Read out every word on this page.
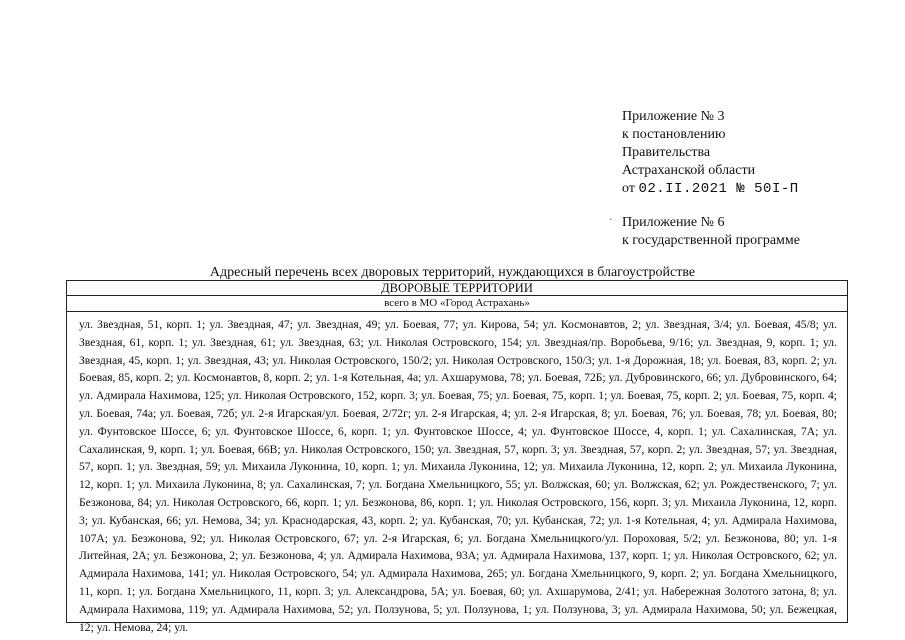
Приложение № 3
к постановлению
Правительства
Астраханской области
от 02.II.2021 № 50I-П
· Приложение № 6
к государственной программе
Адресный перечень всех дворовых территорий, нуждающихся в благоустройстве
ДВОРОВЫЕ ТЕРРИТОРИИ
всего в МО «Город Астрахань»
ул. Звездная, 51, корп. 1; ул. Звездная, 47; ул. Звездная, 49; ул. Боевая, 77; ул. Кирова, 54; ул. Космонавтов, 2; ул. Звездная, 3/4; ул. Боевая, 45/8; ул. Звездная, 61, корп. 1; ул. Звездная, 61; ул. Звездная, 63; ул. Николая Островского, 154; ул. Звездная/пр. Воробьева, 9/16; ул. Звездная, 9, корп. 1; ул. Звездная, 45, корп. 1; ул. Звездная, 43; ул. Николая Островского, 150/2; ул. Николая Островского, 150/3; ул. 1-я Дорожная, 18; ул. Боевая, 83, корп. 2; ул. Боевая, 85, корп. 2; ул. Космонавтов, 8, корп. 2; ул. 1-я Котельная, 4а; ул. Ахшарумова, 78; ул. Боевая, 72Б; ул. Дубровинского, 66; ул. Дубровинского, 64; ул. Адмирала Нахимова, 125; ул. Николая Островского, 152, корп. 3; ул. Боевая, 75; ул. Боевая, 75, корп. 1; ул. Боевая, 75, корп. 2; ул. Боевая, 75, корп. 4; ул. Боевая, 74а; ул. Боевая, 72б; ул. 2-я Игарская/ул. Боевая, 2/72г; ул. 2-я Игарская, 4; ул. 2-я Игарская, 8; ул. Боевая, 76; ул. Боевая, 78; ул. Боевая, 80; ул. Фунтовское Шоссе, 6; ул. Фунтовское Шоссе, 6, корп. 1; ул. Фунтовское Шоссе, 4; ул. Фунтовское Шоссе, 4, корп. 1; ул. Сахалинская, 7А; ул. Сахалинская, 9, корп. 1; ул. Боевая, 66В; ул. Николая Островского, 150; ул. Звездная, 57, корп. 3; ул. Звездная, 57, корп. 2; ул. Звездная, 57; ул. Звездная, 57, корп. 1; ул. Звездная, 59; ул. Михаила Луконина, 10, корп. 1; ул. Михаила Луконина, 12; ул. Михаила Луконина, 12, корп. 2; ул. Михаила Луконина, 12, корп. 1; ул. Михаила Луконина, 8; ул. Сахалинская, 7; ул. Богдана Хмельницкого, 55; ул. Волжская, 60; ул. Волжская, 62; ул. Рождественского, 7; ул. Безжонова, 84; ул. Николая Островского, 66, корп. 1; ул. Безжонова, 86, корп. 1; ул. Николая Островского, 156, корп. 3; ул. Михаила Луконина, 12, корп. 3; ул. Кубанская, 66; ул. Немова, 34; ул. Краснодарская, 43, корп. 2; ул. Кубанская, 70; ул. Кубанская, 72; ул. 1-я Котельная, 4; ул. Адмирала Нахимова, 107А; ул. Безжонова, 92; ул. Николая Островского, 67; ул. 2-я Игарская, 6; ул. Богдана Хмельницкого/ул. Пороховая, 5/2; ул. Безжонова, 80; ул. 1-я Литейная, 2А; ул. Безжонова, 2; ул. Безжонова, 4; ул. Адмирала Нахимова, 93А; ул. Адмирала Нахимова, 137, корп. 1; ул. Николая Островского, 62; ул. Адмирала Нахимова, 141; ул. Николая Островского, 54; ул. Адмирала Нахимова, 265; ул. Богдана Хмельницкого, 9, корп. 2; ул. Богдана Хмельницкого, 11, корп. 1; ул. Богдана Хмельницкого, 11, корп. 3; ул. Александрова, 5А; ул. Боевая, 60; ул. Ахшарумова, 2/41; ул. Набережная Золотого затона, 8; ул. Адмирала Нахимова, 119; ул. Адмирала Нахимова, 52; ул. Ползунова, 5; ул. Ползунова, 1; ул. Ползунова, 3; ул. Адмирала Нахимова, 50; ул. Бежецкая, 12; ул. Немова, 24; ул.
